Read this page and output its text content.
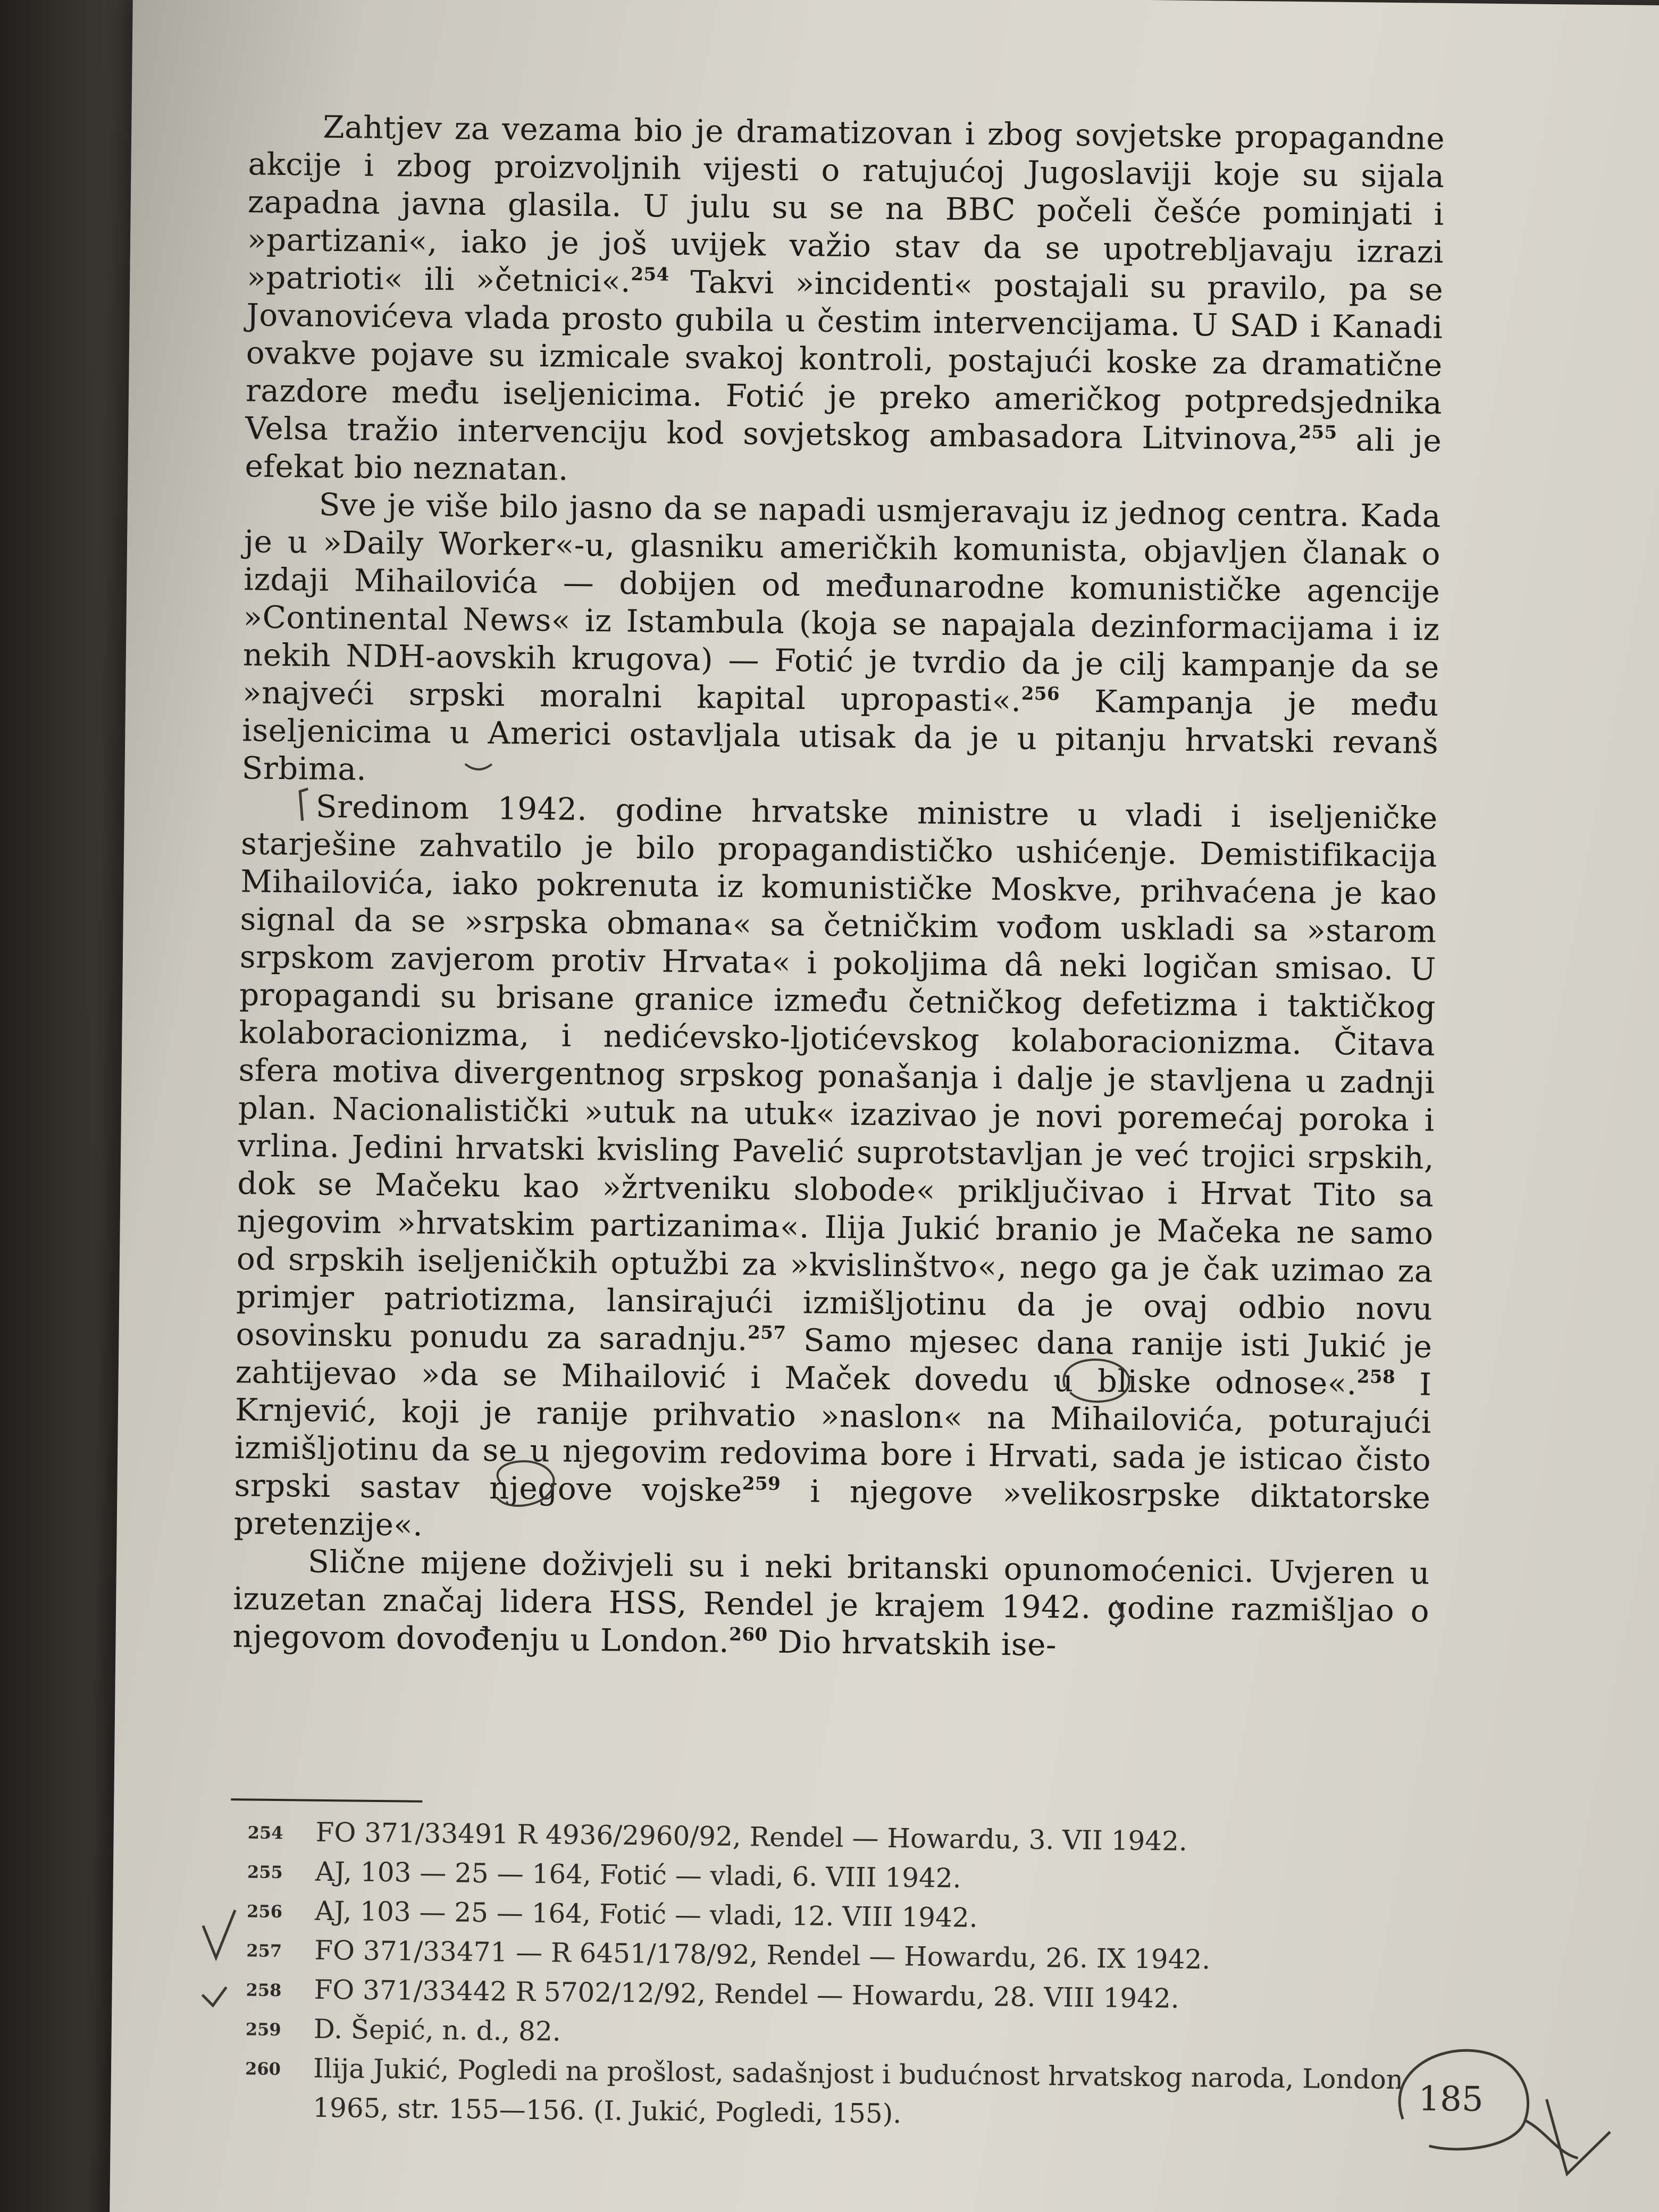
Zahtjev za vezama bio je dramatizovan i zbog sovjetske propagandne akcije i zbog proizvoljnih vijesti o ratujućoj Jugoslaviji koje su sijala zapadna javna glasila. U julu su se na BBC počeli češće pominjati i »partizani«, iako je još uvijek važio stav da se upotrebljavaju izrazi »patrioti« ili »četnici«.$^{254}$ Takvi »incidenti« postajali su pravilo, pa se Jovanovićeva vlada prosto gubila u čestim intervencijama. U SAD i Kanadi ovakve pojave su izmicale svakoj kontroli, postajući koske za dramatične razdore među iseljenicima. Fotić je preko američkog potpredsjednika Velsa tražio intervenciju kod sovjetskog ambasadora Litvinova,$^{255}$ ali je efekat bio neznatan.

Sve je više bilo jasno da se napadi usmjeravaju iz jednog centra. Kada je u »Daily Worker«-u, glasniku američkih komunista, objavljen članak o izdaji Mihailovića — dobijen od međunarodne komunističke agencije »Continental News« iz Istambula (koja se napajala dezinformacijama i iz nekih NDH-aovskih krugova) — Fotić je tvrdio da je cilj kampanje da se »najveći srpski moralni kapital upropasti«.$^{256}$ Kampanja je među iseljenicima u Americi ostavljala utisak da je u pitanju hrvatski revanš Srbima.

Sredinom 1942. godine hrvatske ministre u vladi i iseljeničke starješine zahvatilo je bilo propagandističko ushićenje. Demistifikacija Mihailovića, iako pokrenuta iz komunističke Moskve, prihvaćena je kao signal da se »srpska obmana« sa četničkim vođom uskladi sa »starom srpskom zavjerom protiv Hrvata« i pokoljima dâ neki logičan smisao. U propagandi su brisane granice između četničkog defetizma i taktičkog kolaboracionizma, i nedićevsko-ljotićevskog kolaboracionizma. Čitava sfera motiva divergentnog srpskog ponašanja i dalje je stavljena u zadnji plan. Nacionalistički »utuk na utuk« izazivao je novi poremećaj poroka i vrlina. Jedini hrvatski kvisling Pavelić suprotstavljan je već trojici srpskih, dok se Mačeku kao »žrtveniku slobode« priključivao i Hrvat Tito sa njegovim »hrvatskim partizanima«. Ilija Jukić branio je Mačeka ne samo od srpskih iseljeničkih optužbi za »kvislinštvo«, nego ga je čak uzimao za primjer patriotizma, lansirajući izmišljotinu da je ovaj odbio novu osovinsku ponudu za saradnju.$^{257}$ Samo mjesec dana ranije isti Jukić je zahtijevao »da se Mihailović i Maček dovedu u bliske odnose«.$^{258}$ I Krnjević, koji je ranije prihvatio »naslon« na Mihailovića, poturajući izmišljotinu da se u njegovim redovima bore i Hrvati, sada je isticao čisto srpski sastav njegove vojske$^{259}$ i njegove »velikosrpske diktatorske pretenzije«.

Slične mijene doživjeli su i neki britanski opunomoćenici. Uvjeren u izuzetan značaj lidera HSS, Rendel je krajem 1942. godine razmišljao o njegovom dovođenju u London.$^{260}$ Dio hrvatskih ise-

254 FO 371/33491 R 4936/2960/92, Rendel — Howardu, 3. VII 1942.

255 AJ, 103 — 25 — 164, Fotić — vladi, 6. VIII 1942.

256 AJ, 103 — 25 — 164, Fotić — vladi, 12. VIII 1942.

257 FO 371/33471 — R 6451/178/92, Rendel — Howardu, 26. IX 1942.

258 FO 371/33442 R 5702/12/92, Rendel — Howardu, 28. VIII 1942.

259 D. Šepić, n. d., 82.

260 Ilija Jukić, Pogledi na prošlost, sadašnjost i budućnost hrvatskog naroda, London 1965, str. 155—156. (I. Jukić, Pogledi, 155).	185
